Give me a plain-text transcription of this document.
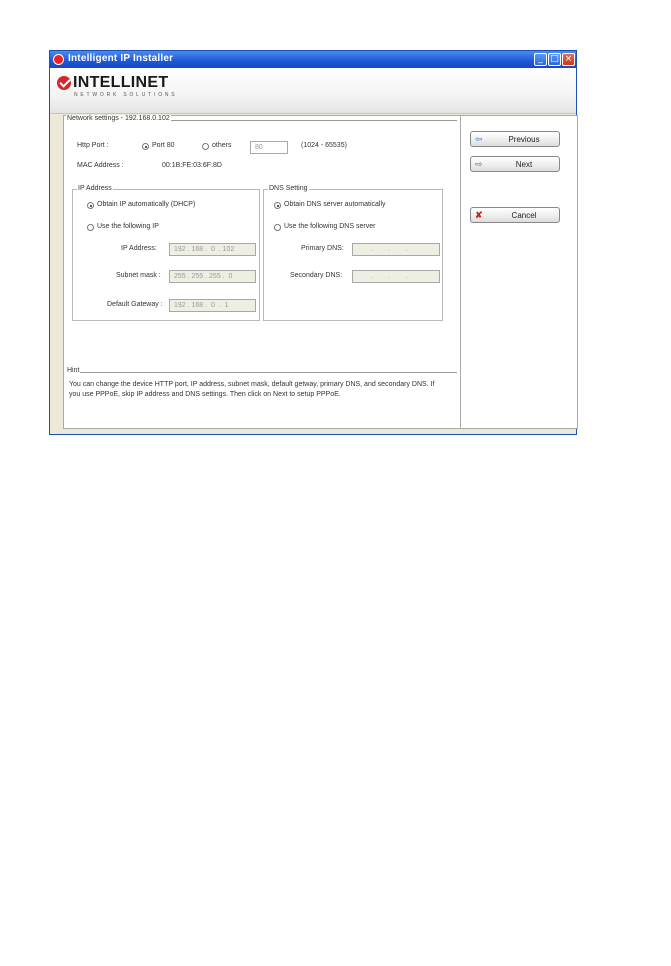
Intelligent IP Installer	_ □ ×
INTELLINET
NETWORK SOLUTIONS
Network settings - 192.168.0.102
Http Port :	Port 80	others	80	(1024 - 65535)
MAC Address :	00:1B:FE:03:6F:8D
IP Address
Obtain IP automatically (DHCP)
Use the following IP
IP Address:	192 . 168 .  0  . 102
Subnet mask :	255 . 255 . 255 .  0
Default Gateway :	192 . 168 .  0  .  1
DNS Setting
Obtain DNS server automatically
Use the following DNS server
Primary DNS:	.        .        .
Secondary DNS:	.        .        .
Hint
You can change the device HTTP port, IP address, subnet mask, default getway, primary DNS, and secondary DNS. If
you use PPPoE, skip IP address and DNS settings. Then click on Next to setup PPPoE.
⇦	Previous
⇨	Next
✘	Cancel
